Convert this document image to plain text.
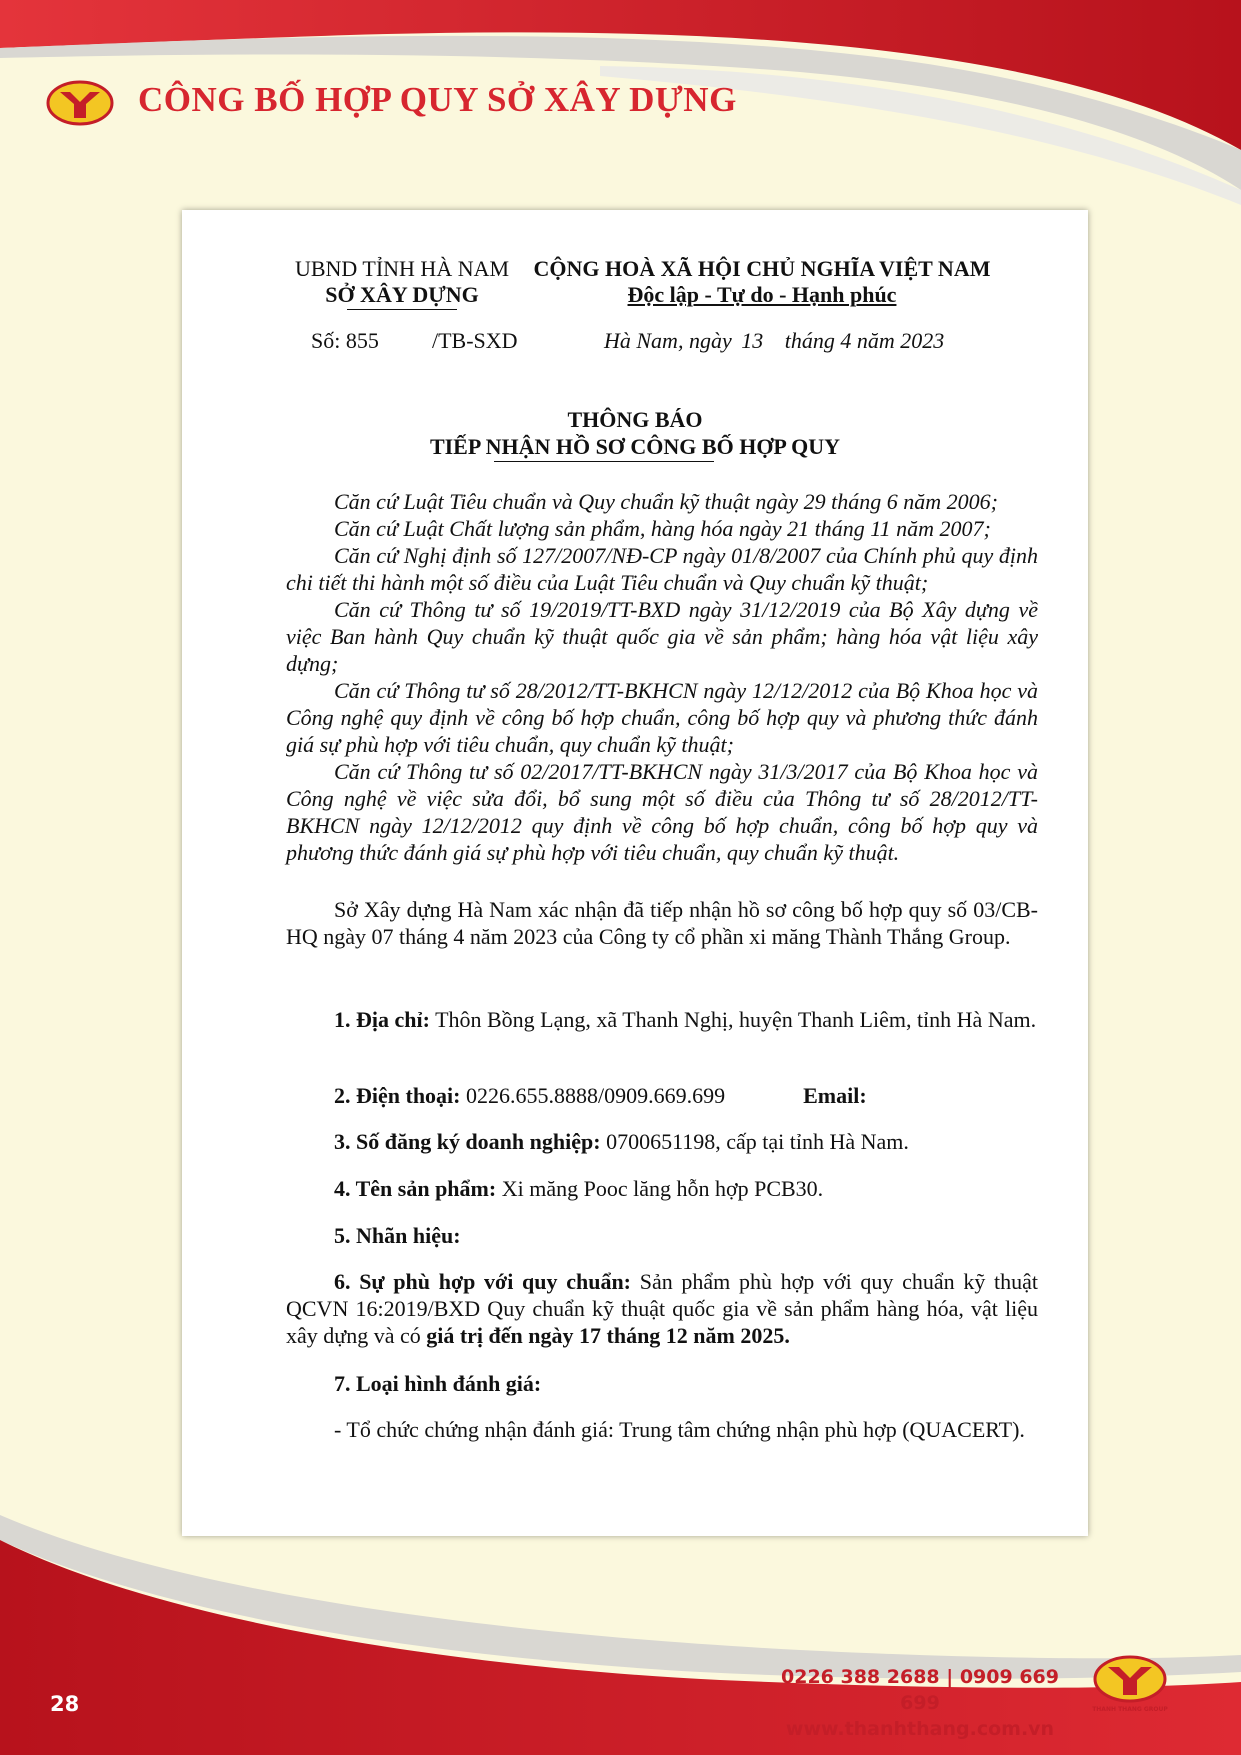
CÔNG BỐ HỢP QUY SỞ XÂY DỰNG
UBND TỈNH HÀ NAM
SỞ XÂY DỰNG
CỘNG HOÀ XÃ HỘI CHỦ NGHĨA VIỆT NAM
Độc lập - Tự do - Hạnh phúc
Số: 855 /TB-SXD	Hà Nam, ngày 13 tháng 4 năm 2023
THÔNG BÁO
TIẾP NHẬN HỒ SƠ CÔNG BỐ HỢP QUY

Căn cứ Luật Tiêu chuẩn và Quy chuẩn kỹ thuật ngày 29 tháng 6 năm 2006;

Căn cứ Luật Chất lượng sản phẩm, hàng hóa ngày 21 tháng 11 năm 2007;

Căn cứ Nghị định số 127/2007/NĐ-CP ngày 01/8/2007 của Chính phủ quy định chi tiết thi hành một số điều của Luật Tiêu chuẩn và Quy chuẩn kỹ thuật;

Căn cứ Thông tư số 19/2019/TT-BXD ngày 31/12/2019 của Bộ Xây dựng về việc Ban hành Quy chuẩn kỹ thuật quốc gia về sản phẩm; hàng hóa vật liệu xây dựng;

Căn cứ Thông tư số 28/2012/TT-BKHCN ngày 12/12/2012 của Bộ Khoa học và Công nghệ quy định về công bố hợp chuẩn, công bố hợp quy và phương thức đánh giá sự phù hợp với tiêu chuẩn, quy chuẩn kỹ thuật;

Căn cứ Thông tư số 02/2017/TT-BKHCN ngày 31/3/2017 của Bộ Khoa học và Công nghệ về việc sửa đổi, bổ sung một số điều của Thông tư số 28/2012/TT-BKHCN ngày 12/12/2012 quy định về công bố hợp chuẩn, công bố hợp quy và phương thức đánh giá sự phù hợp với tiêu chuẩn, quy chuẩn kỹ thuật.

Sở Xây dựng Hà Nam xác nhận đã tiếp nhận hồ sơ công bố hợp quy số 03/CB-HQ ngày 07 tháng 4 năm 2023 của Công ty cổ phần xi măng Thành Thắng Group.

1. Địa chỉ: Thôn Bồng Lạng, xã Thanh Nghị, huyện Thanh Liêm, tỉnh Hà Nam.

2. Điện thoại: 0226.655.8888/0909.669.699	Email:

3. Số đăng ký doanh nghiệp: 0700651198, cấp tại tỉnh Hà Nam.

4. Tên sản phẩm: Xi măng Pooc lăng hỗn hợp PCB30.

5. Nhãn hiệu:

6. Sự phù hợp với quy chuẩn: Sản phẩm phù hợp với quy chuẩn kỹ thuật QCVN 16:2019/BXD Quy chuẩn kỹ thuật quốc gia về sản phẩm hàng hóa, vật liệu xây dựng và có giá trị đến ngày 17 tháng 12 năm 2025.

7. Loại hình đánh giá:

- Tổ chức chứng nhận đánh giá: Trung tâm chứng nhận phù hợp (QUACERT).

0226 388 2688 | 0909 669 699
www.thanhthang.com.vn
THANH THANG GROUP
28
